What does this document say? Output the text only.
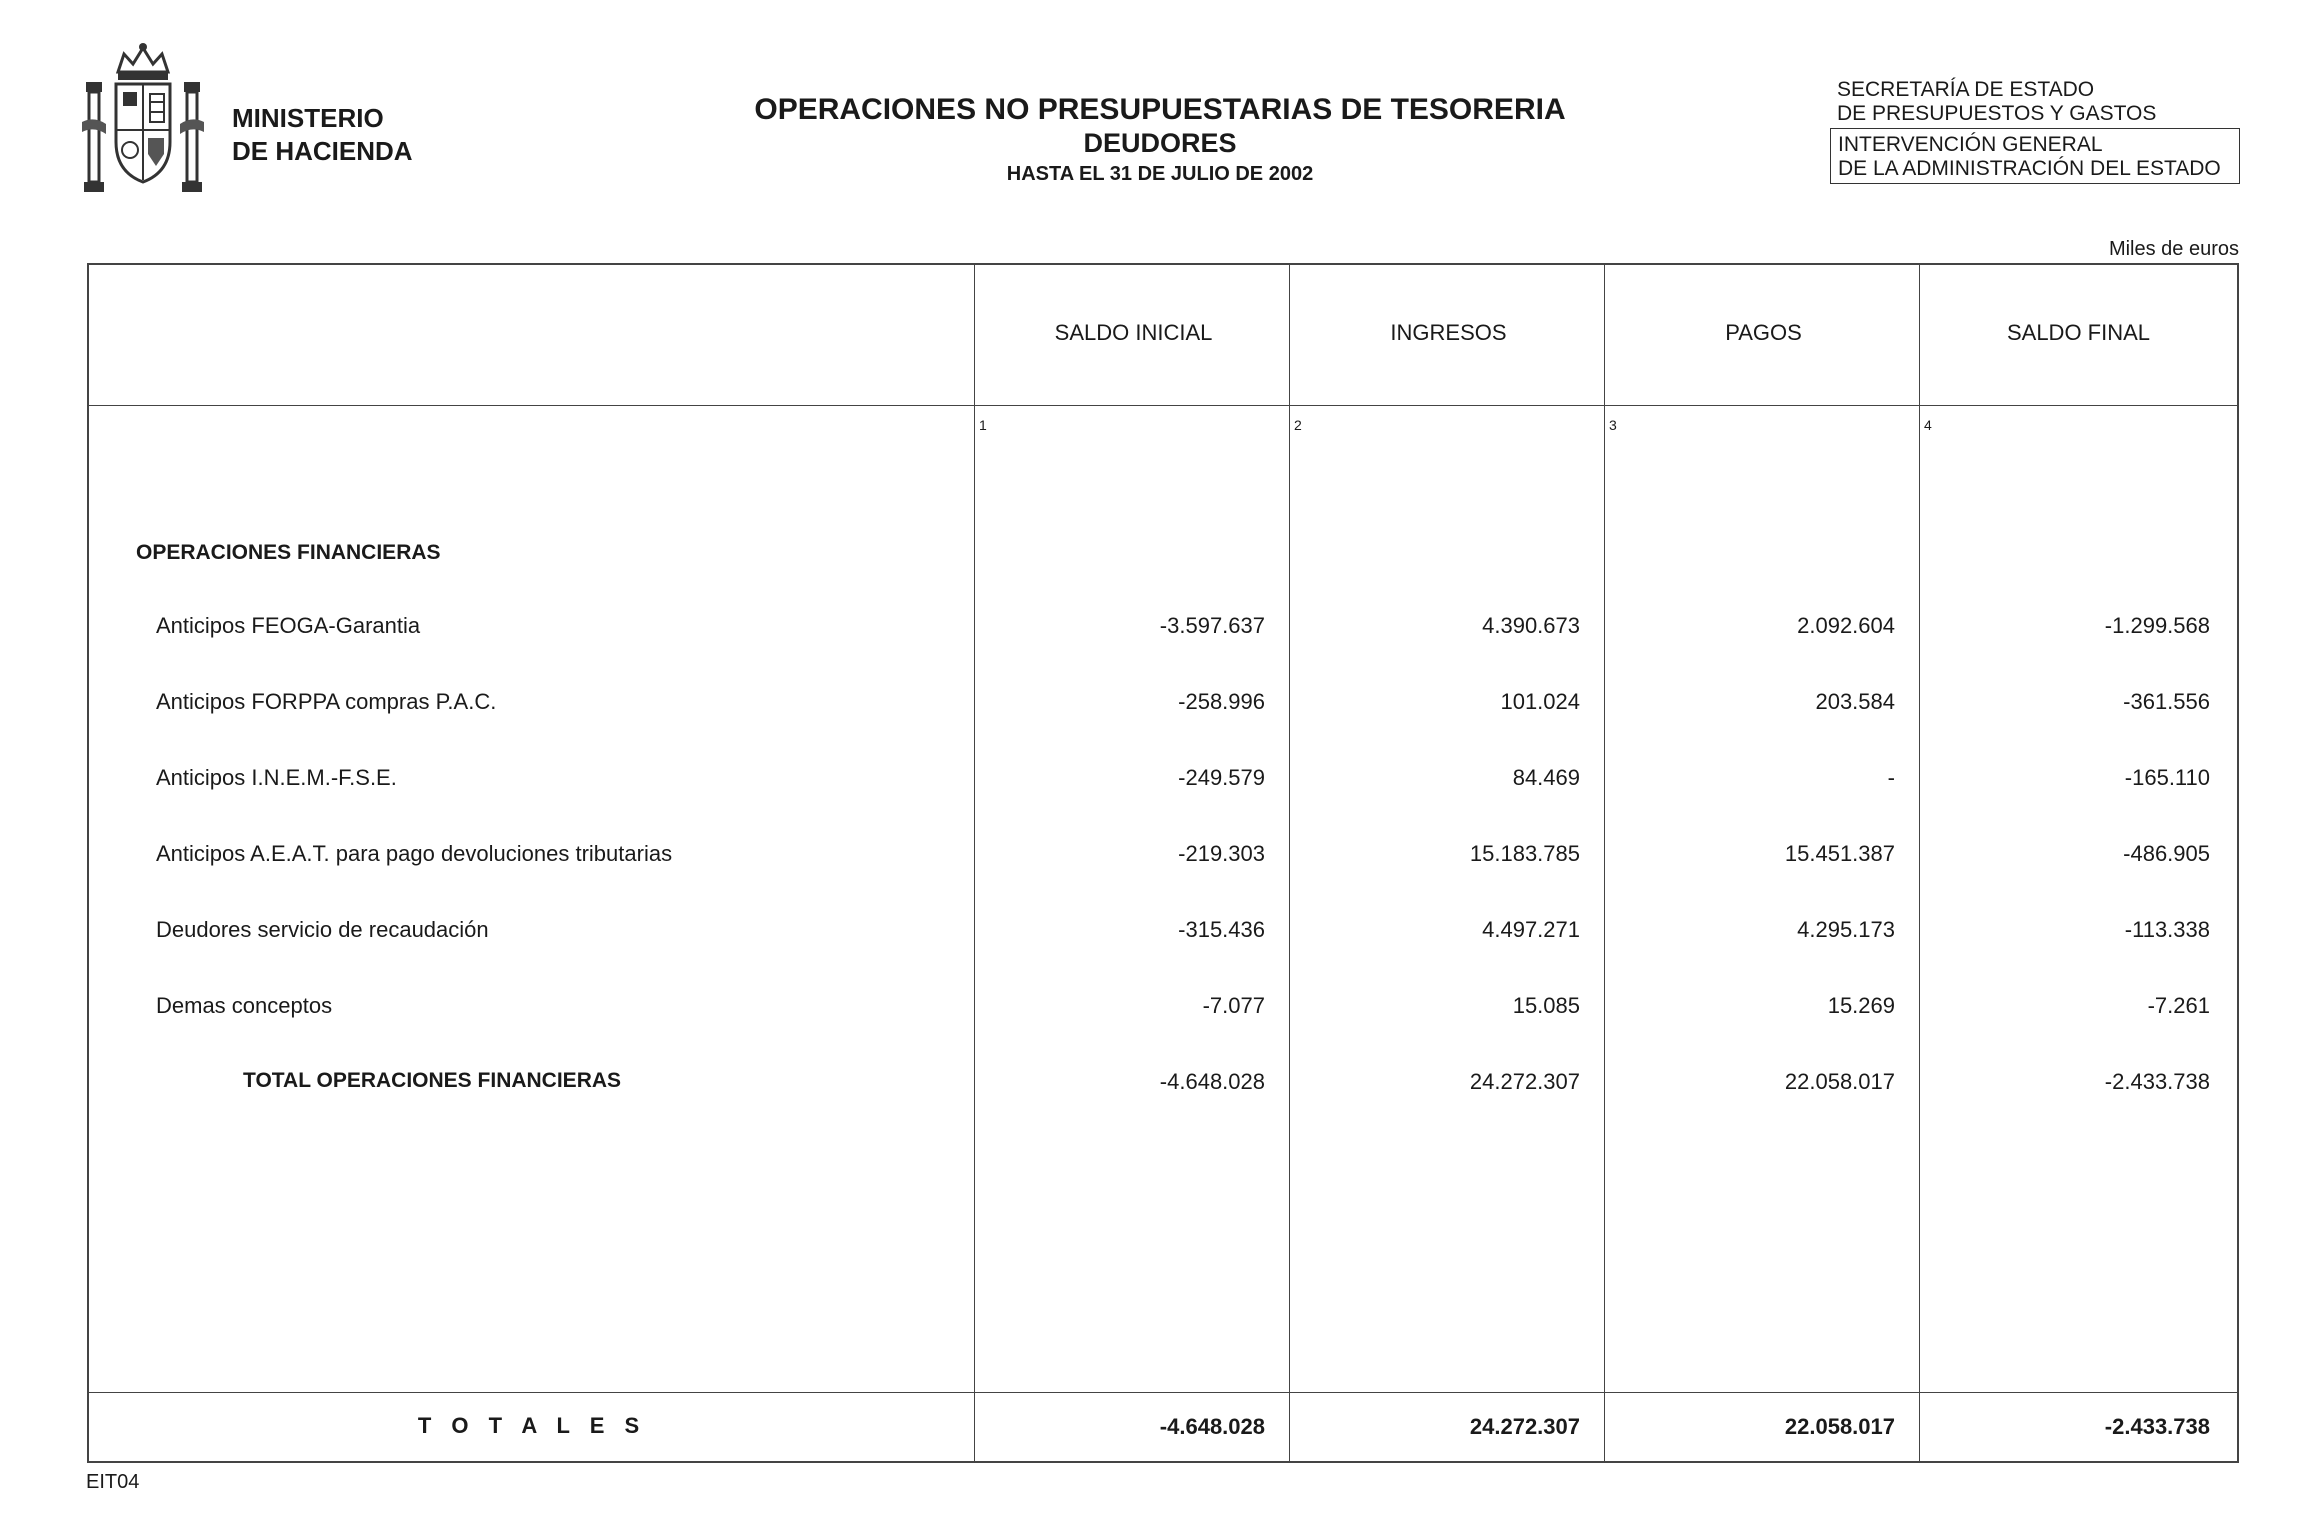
MINISTERIO
DE HACIENDA
OPERACIONES NO PRESUPUESTARIAS DE TESORERIA
DEUDORES
HASTA EL 31 DE JULIO DE 2002
SECRETARÍA DE ESTADO
DE PRESUPUESTOS Y GASTOS
INTERVENCIÓN GENERAL
DE LA ADMINISTRACIÓN DEL ESTADO
Miles de euros
SALDO INICIAL	INGRESOS	PAGOS	SALDO FINAL
1	2	3	4
OPERACIONES FINANCIERAS
Anticipos FEOGA-Garantia	-3.597.637	4.390.673	2.092.604	-1.299.568
Anticipos FORPPA compras P.A.C.	-258.996	101.024	203.584	-361.556
Anticipos I.N.E.M.-F.S.E.	-249.579	84.469	-	-165.110
Anticipos A.E.A.T. para pago devoluciones tributarias	-219.303	15.183.785	15.451.387	-486.905
Deudores servicio de recaudación	-315.436	4.497.271	4.295.173	-113.338
Demas conceptos	-7.077	15.085	15.269	-7.261
TOTAL OPERACIONES FINANCIERAS	-4.648.028	24.272.307	22.058.017	-2.433.738
T O T A L E S	-4.648.028	24.272.307	22.058.017	-2.433.738
EIT04
